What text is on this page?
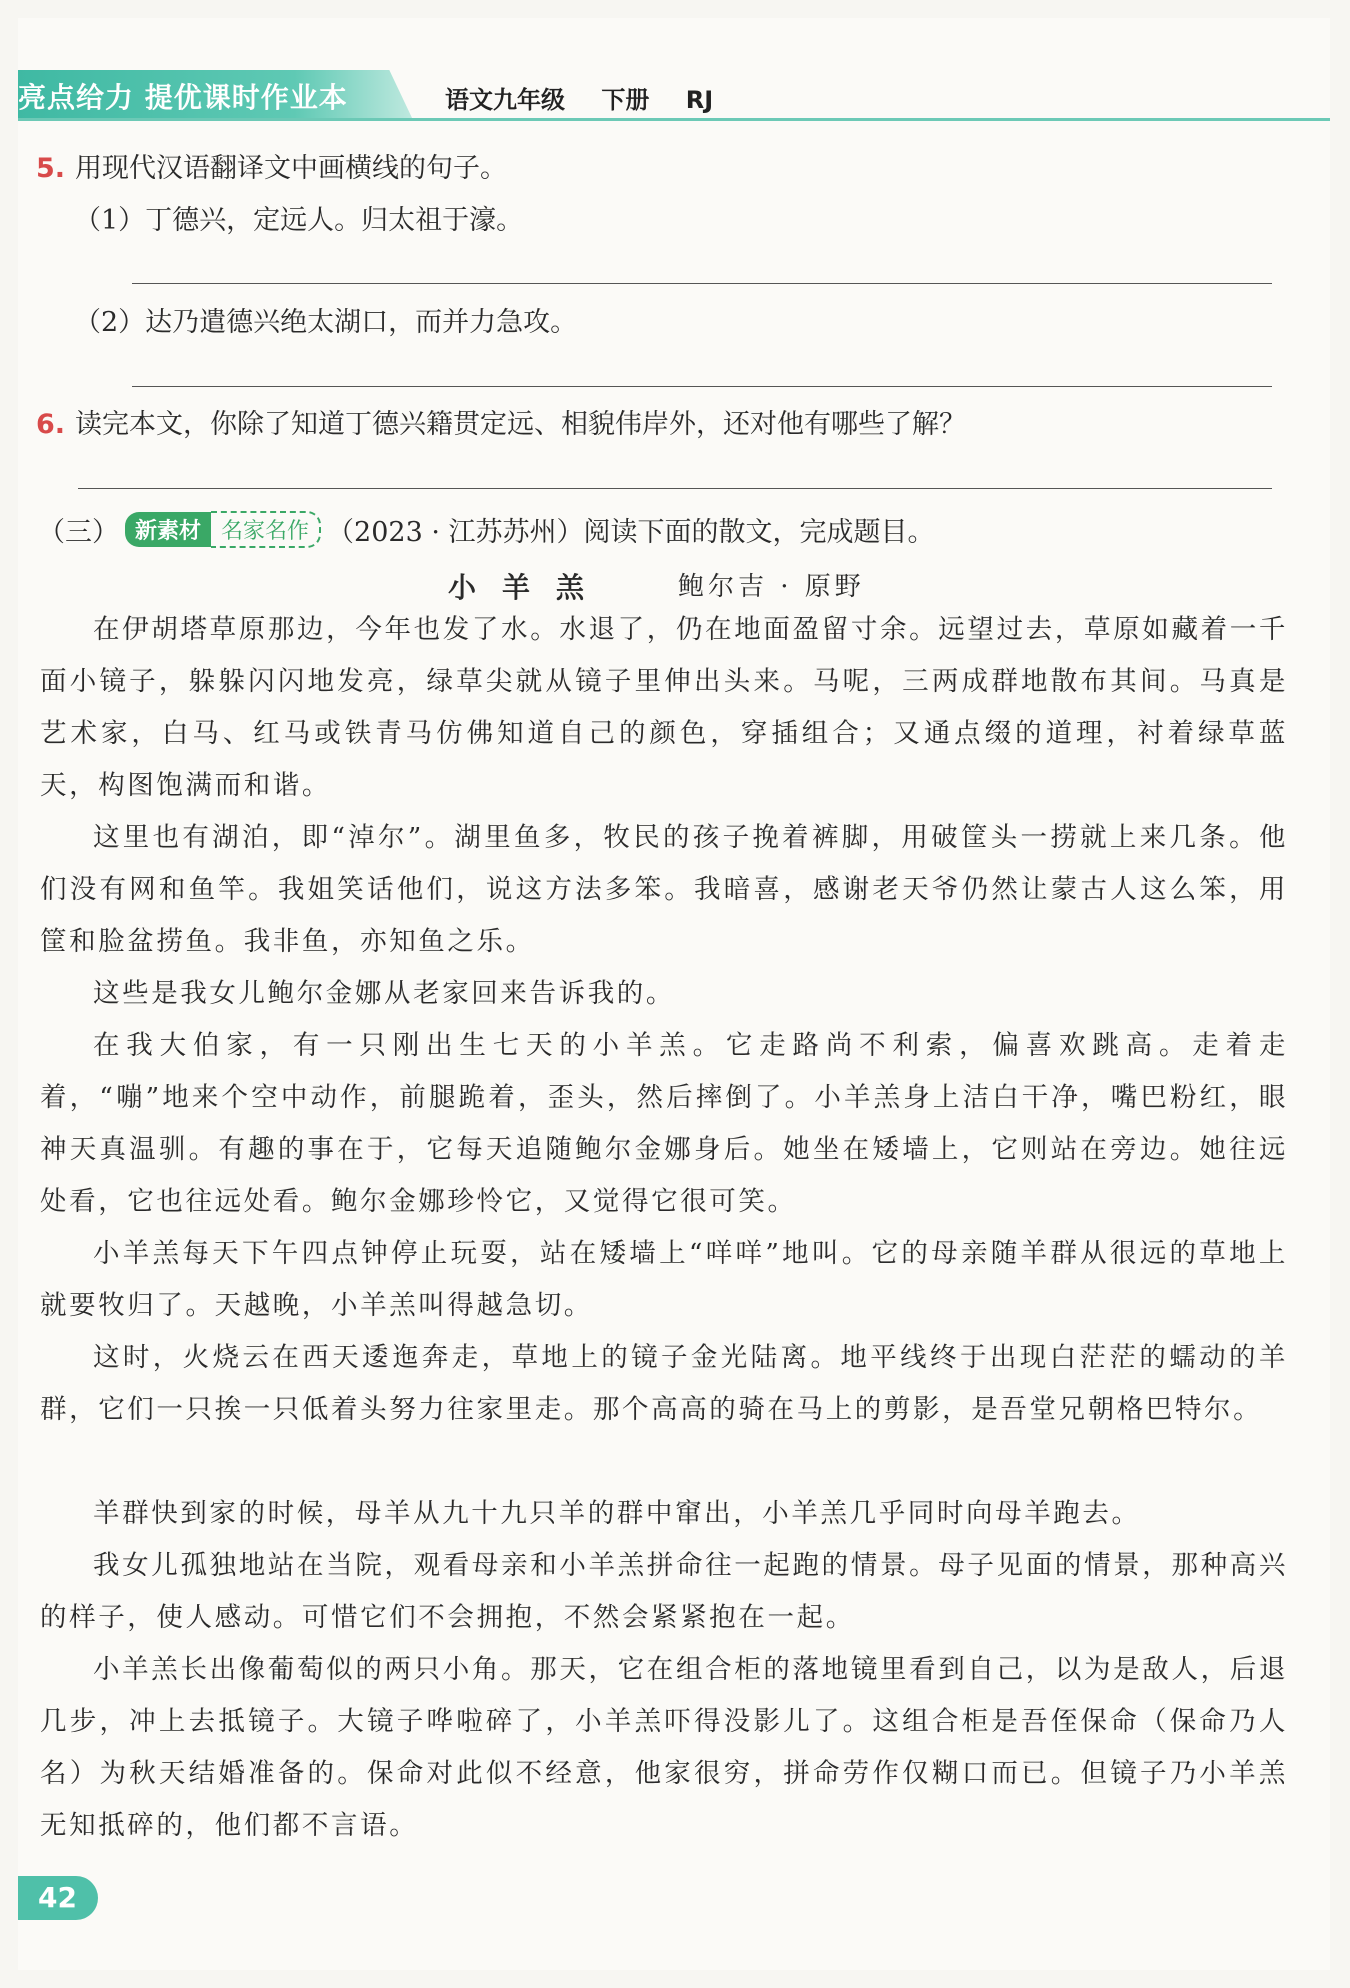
亮点给力 提优课时作业本	语文九年级 下册 RJ
5. 用现代汉语翻译文中画横线的句子。
（1）丁德兴，定远人。归太祖于濠。
（2）达乃遣德兴绝太湖口，而并力急攻。
6. 读完本文，你除了知道丁德兴籍贯定远、相貌伟岸外，还对他有哪些了解？
（三） 新素材 名家名作 （2023 · 江苏苏州）阅读下面的散文，完成题目。
小羊羔	鲍尔吉 · 原野
在伊胡塔草原那边，今年也发了水。水退了，仍在地面盈留寸余。远望过去，草原如藏着一千面小镜子，躲躲闪闪地发亮，绿草尖就从镜子里伸出头来。马呢，三两成群地散布其间。马真是艺术家，白马、红马或铁青马仿佛知道自己的颜色，穿插组合；又通点缀的道理，衬着绿草蓝天，构图饱满而和谐。
这里也有湖泊，即“淖尔”。湖里鱼多，牧民的孩子挽着裤脚，用破筐头一捞就上来几条。他们没有网和鱼竿。我姐笑话他们，说这方法多笨。我暗喜，感谢老天爷仍然让蒙古人这么笨，用筐和脸盆捞鱼。我非鱼，亦知鱼之乐。
这些是我女儿鲍尔金娜从老家回来告诉我的。
在我大伯家，有一只刚出生七天的小羊羔。它走路尚不利索，偏喜欢跳高。走着走着，“嘣”地来个空中动作，前腿跪着，歪头，然后摔倒了。小羊羔身上洁白干净，嘴巴粉红，眼神天真温驯。有趣的事在于，它每天追随鲍尔金娜身后。她坐在矮墙上，它则站在旁边。她往远处看，它也往远处看。鲍尔金娜珍怜它，又觉得它很可笑。
小羊羔每天下午四点钟停止玩耍，站在矮墙上“咩咩”地叫。它的母亲随羊群从很远的草地上就要牧归了。天越晚，小羊羔叫得越急切。
这时，火烧云在西天逶迤奔走，草地上的镜子金光陆离。地平线终于出现白茫茫的蠕动的羊群，它们一只挨一只低着头努力往家里走。那个高高的骑在马上的剪影，是吾堂兄朝格巴特尔。
羊群快到家的时候，母羊从九十九只羊的群中窜出，小羊羔几乎同时向母羊跑去。
我女儿孤独地站在当院，观看母亲和小羊羔拼命往一起跑的情景。母子见面的情景，那种高兴的样子，使人感动。可惜它们不会拥抱，不然会紧紧抱在一起。
小羊羔长出像葡萄似的两只小角。那天，它在组合柜的落地镜里看到自己，以为是敌人，后退几步，冲上去抵镜子。大镜子哗啦碎了，小羊羔吓得没影儿了。这组合柜是吾侄保命（保命乃人名）为秋天结婚准备的。保命对此似不经意，他家很穷，拼命劳作仅糊口而已。但镜子乃小羊羔无知抵碎的，他们都不言语。
42
